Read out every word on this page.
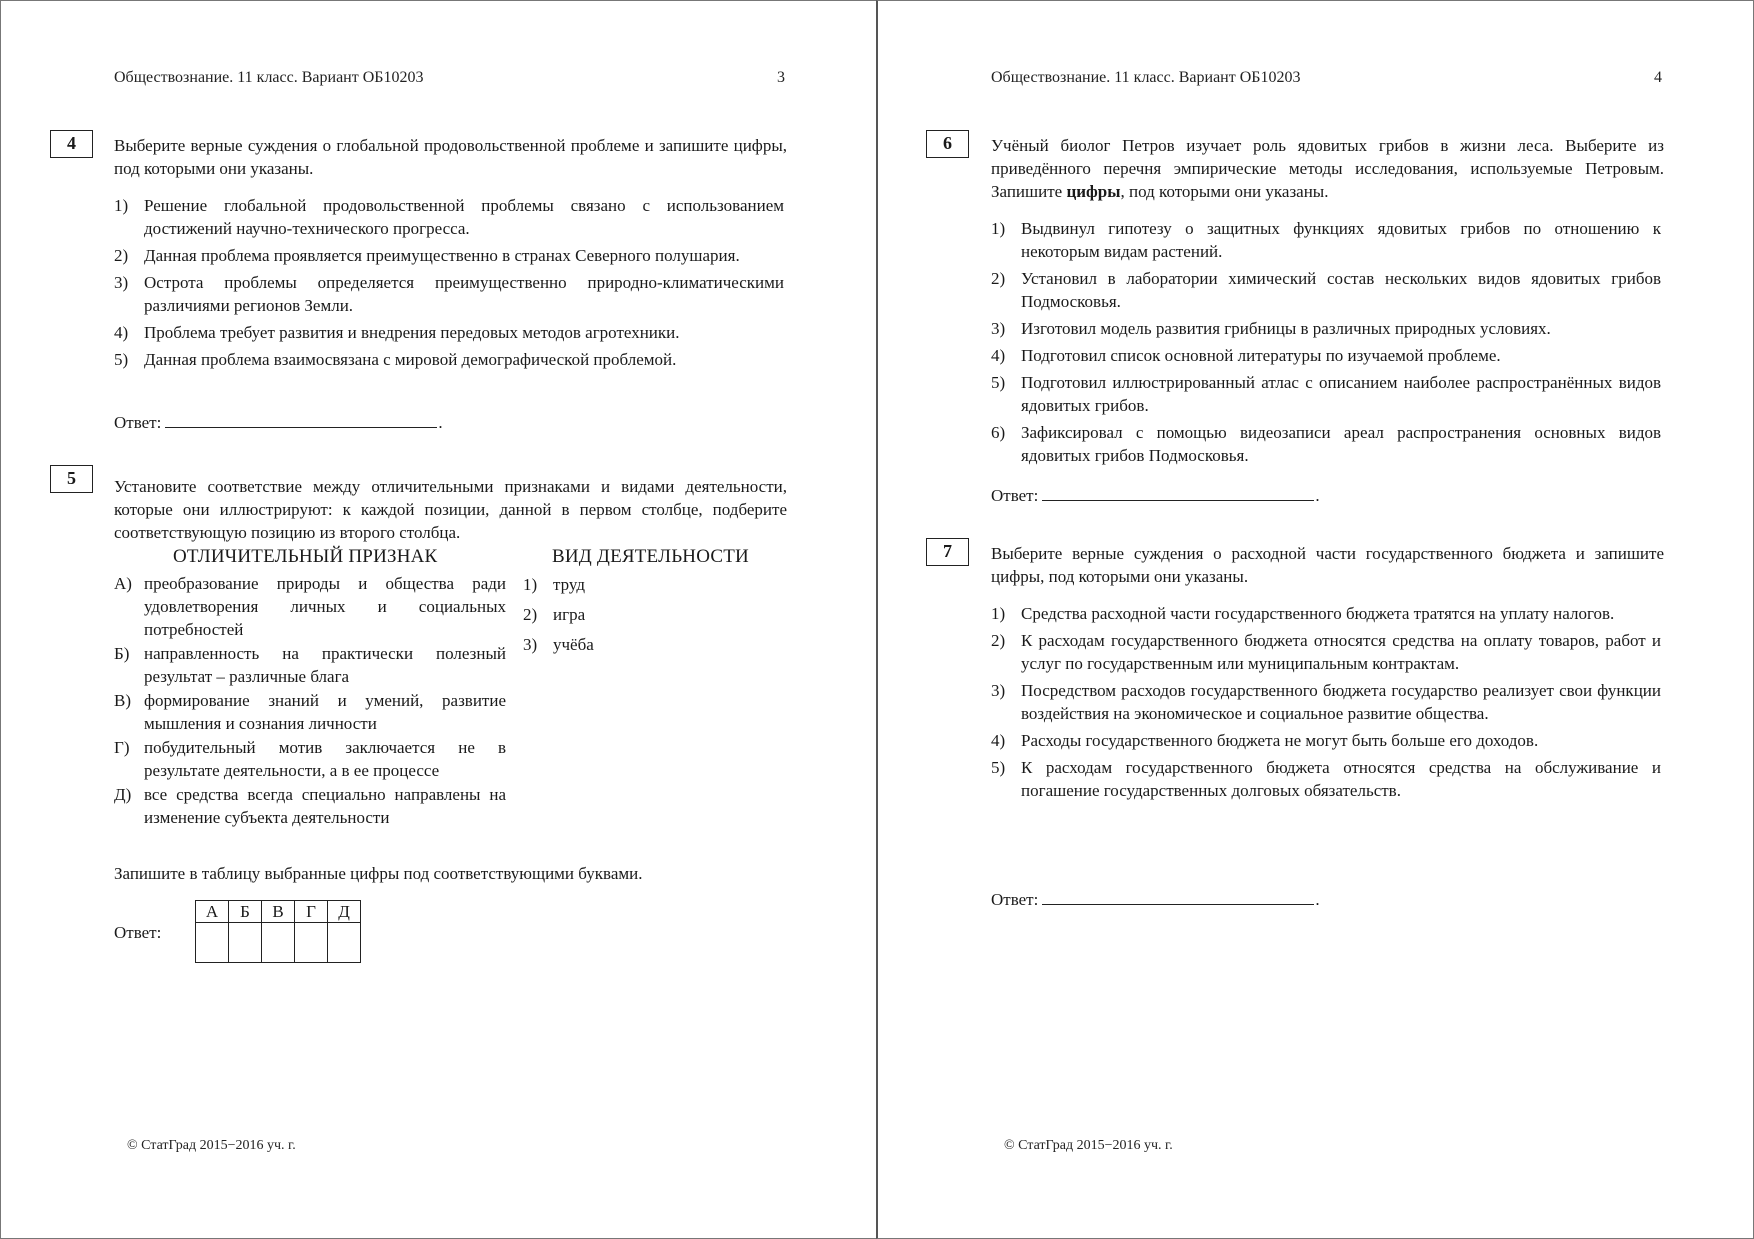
Обществознание. 11 класс. Вариант ОБ10203	3
4	Выберите верные суждения о глобальной продовольственной проблеме и запишите цифры, под которыми они указаны.
1) Решение глобальной продовольственной проблемы связано с использованием достижений научно-технического прогресса.
2) Данная проблема проявляется преимущественно в странах Северного полушария.
3) Острота проблемы определяется преимущественно природно-климатическими различиями регионов Земли.
4) Проблема требует развития и внедрения передовых методов агротехники.
5) Данная проблема взаимосвязана с мировой демографической проблемой.
Ответ:	.
5	Установите соответствие между отличительными признаками и видами деятельности, которые они иллюстрируют: к каждой позиции, данной в первом столбце, подберите соответствующую позицию из второго столбца.
ОТЛИЧИТЕЛЬНЫЙ ПРИЗНАК	ВИД ДЕЯТЕЛЬНОСТИ
А) преобразование природы и общества ради удовлетворения личных и социальных потребностей
Б) направленность на практически полезный результат – различные блага
В) формирование знаний и умений, развитие мышления и сознания личности
Г) побудительный мотив заключается не в результате деятельности, а в ее процессе
Д) все средства всегда специально направлены на изменение субъекта деятельности
1) труд
2) игра
3) учёба
Запишите в таблицу выбранные цифры под соответствующими буквами.
Ответ:
А	Б	В	Г	Д

© СтатГрад 2015−2016 уч. г.
Обществознание. 11 класс. Вариант ОБ10203	4
6	Учёный биолог Петров изучает роль ядовитых грибов в жизни леса. Выберите из приведённого перечня эмпирические методы исследования, используемые Петровым. Запишите цифры, под которыми они указаны.
1) Выдвинул гипотезу о защитных функциях ядовитых грибов по отношению к некоторым видам растений.
2) Установил в лаборатории химический состав нескольких видов ядовитых грибов Подмосковья.
3) Изготовил модель развития грибницы в различных природных условиях.
4) Подготовил список основной литературы по изучаемой проблеме.
5) Подготовил иллюстрированный атлас с описанием наиболее распространённых видов ядовитых грибов.
6) Зафиксировал с помощью видеозаписи ареал распространения основных видов ядовитых грибов Подмосковья.
Ответ:	.
7	Выберите верные суждения о расходной части государственного бюджета и запишите цифры, под которыми они указаны.
1) Средства расходной части государственного бюджета тратятся на уплату налогов.
2) К расходам государственного бюджета относятся средства на оплату товаров, работ и услуг по государственным или муниципальным контрактам.
3) Посредством расходов государственного бюджета государство реализует свои функции воздействия на экономическое и социальное развитие общества.
4) Расходы государственного бюджета не могут быть больше его доходов.
5) К расходам государственного бюджета относятся средства на обслуживание и погашение государственных долговых обязательств.
Ответ:	.
© СтатГрад 2015−2016 уч. г.
